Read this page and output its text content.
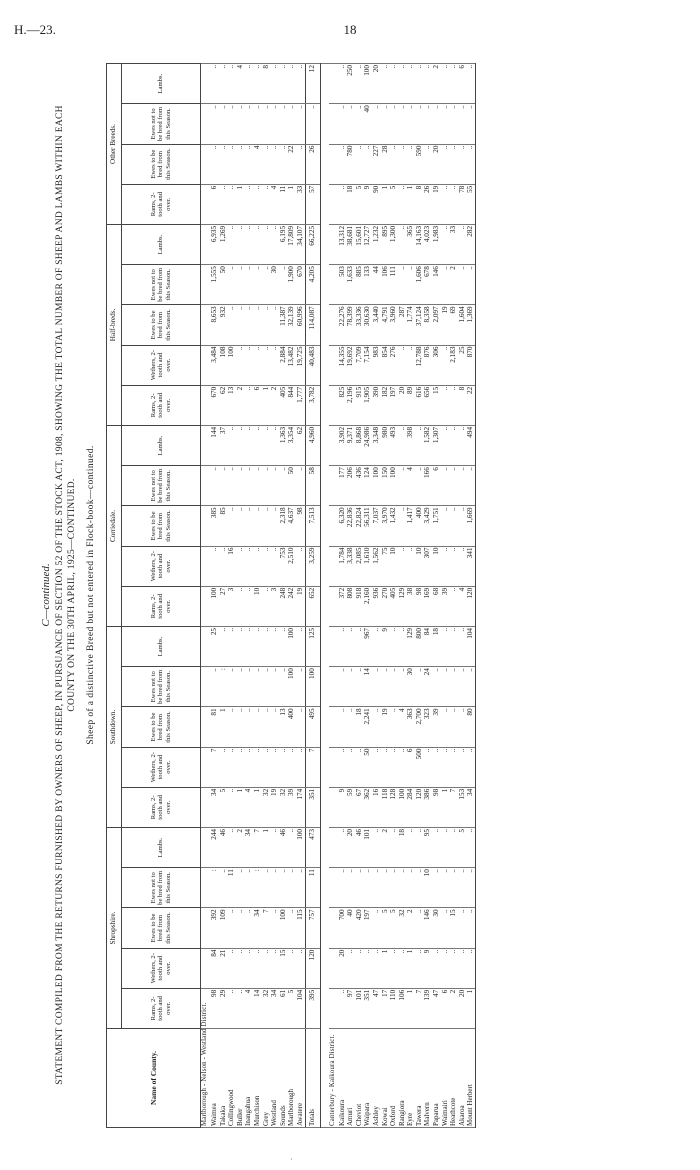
H.—23.	18
C—continued. STATEMENT COMPILED FROM THE RETURNS FURNISHED BY OWNERS OF SHEEP, IN PURSUANCE OF SECTION 52 OF THE STOCK ACT, 1908, SHOWING THE TOTAL NUMBER OF SHEEP AND LAMBS WITHIN EACH COUNTY ON THE 30TH APRIL, 1925—CONTINUED. Sheep of a distinctive Breed but not entered in Flock-book—continued.
Name of County.	Shropshire.					Southdown.					Corriedale.					Half-breds.					Other Breeds.			
	Rams, 2-tooth and over.	Wethers, 2-tooth and over.	Ewes to be bred from this Season.	Ewes not to be bred from this Season.	Lambs.	Rams, 2-tooth and over.	Wethers, 2-tooth and over.	Ewes to be bred from this Season.	Ewes not to be bred from this Season.	Lambs.	Rams, 2-tooth and over.	Wethers, 2-tooth and over.	Ewes to be bred from this Season.	Ewes not to be bred from this Season.	Lambs.	Rams, 2-tooth and over.	Wethers, 2-tooth and over.	Ewes to be bred from this Season.	Ewes not to be bred from this Season.	Lambs.	Rams, 2-tooth and over.	Ewes to be bred from this Season.	Ewes not to be bred from this Season.	Lambs.
Marlborough - Nelson - Westland District.																								
Waimea	98	84	392	:	244	34	7	81	..	25	100	..	385	..	144	670	3,484	8,653	1,555	6,935	6	..	..	..
Takaka	29	21	109	..	46	5	..	1	:	..	27	..	85	..	37	62	108	932	50	1,269	..	..	..	..
Collingwood	..	..	..	11	..	..	..	..	..	..	3	16	..	..	..	13	100	..	..	..	..	..	..	..
Buller	..	..	..	..	2	1	..	..	..	..	..	..	..	..	..	2	..	..	..	..	1	..	..	4
Inangahua	4	..	..	..	34	4	..	..	..	..	..	..	..	..	..	..	..	..	..	..	..	..	..	..
Murchison	14	..	34	:	7	1	..	..	..	..	10	..	..	..	..	6	..	..	..	..	..	4	..	..
Grey	32	..	7	..	1	32	..	..	..	..	..	..	..	..	..	1	..	..	..	..	..	..	..	8
Westland	34	..	..	..	..	19	..	..	..	..	3	..	..	..	..	2	..	..	30	..	4	..	..	..
Sounds	61	15	100	..	46	32	..	13	..	..	248	753	2,318	..	1,363	405	2,884	11,387	..	6,195	11	..	..	..
Marlborough	5	..	..	..	..	39	..	400	100	100	242	2,510	4,637	50	3,354	844	13,482	32,139	1,900	17,809	1	22	..	..
Awatere	104	..	115	..	100	174	..	..	..	..	19	..	98	..	62	1,777	19,725	60,996	670	34,107	33	..	..	..
Totals	395	120	757	11	473	351	7	495	100	125	652	3,259	7,513	58	4,960	3,782	40,483	114,087	4,205	66,225	57	26	..	12

Canterbury - Kaikoura District.																								
Kaikoura	..	20	700	..	..	9	..	..	..	..	372	1,784	6,320	177	3,902	825	14,355	22,276	503	13,312	..	..	..	..
Amuri	97	..	40	..	20	59	..	..	..	..	808	3,338	22,836	206	9,371	2,196	19,692	78,399	1,633	38,681	18	780	..	250
Cheviot	101	..	420	..	46	67	..	18	..	..	918	2,085	22,824	436	8,868	915	7,709	33,336	885	15,601	5	..	..	..
Waipara	351	..	197	..	101	362	50	2,241	14	967	2,160	1,610	56,311	124	24,986	1,905	7,154	30,630	133	12,727	9	..	40	100
Ashley	47	..	..	..	..	16	..	..	..	..	936	1,562	7,037	100	3,348	390	983	3,440	44	1,232	90	227	..	20
Kowai	17	1	5	..	2	118	..	19	..	9	270	75	3,970	150	980	182	854	4,791	106	895	1	28	..	..
Oxford	110	..	5	..	..	128	..	..	..	..	405	10	1,432	100	493	197	276	3,960	111	1,300	5	..	..	..
Rangiora	106	..	32	..	18	100	..	4	..	..	129	..	..	..	..	20	..	287	..	..	..	..	..	..
Eyre	1	1	2	..	..	284	6	363	30	129	38	..	1,417	4	398	89	..	1,774	..	365	1	..	..	..
Tawera	7	..	..	..	..	120	500	2,700	..	800	98	10	400	..	..	616	12,788	37,124	1,606	14,163	8	590	..	..
Malvern	139	9	146	10	95	386	..	323	24	84	169	307	3,429	166	1,582	656	876	8,358	678	4,023	26	..	..	..
Paparua	47	..	30	..	..	98	..	39	..	18	68	10	1,751	6	1,307	15	306	2,097	146	1,983	19	20	..	2
Waimairi	6	..	..	..	..	1	..	..	..	..	39	..	..	..	..	..	..	19	..	..	..	..	..	..
Heathcote	2	..	15	..	..	7	..	..	..	..	..	..	..	..	..	..	2,183	69	2	33	..	..	..	..
Akaroa	20	..	..	..	5	153	..	..	..	..	4	..	..	..	..	8	25	1,604	..	..	78	..	..	6
Mount Herbert	1	..	..	..	..	34	..	80	..	104	120	341	1,669	..	494	22	870	1,369	..	282	55	..	..	..
·
